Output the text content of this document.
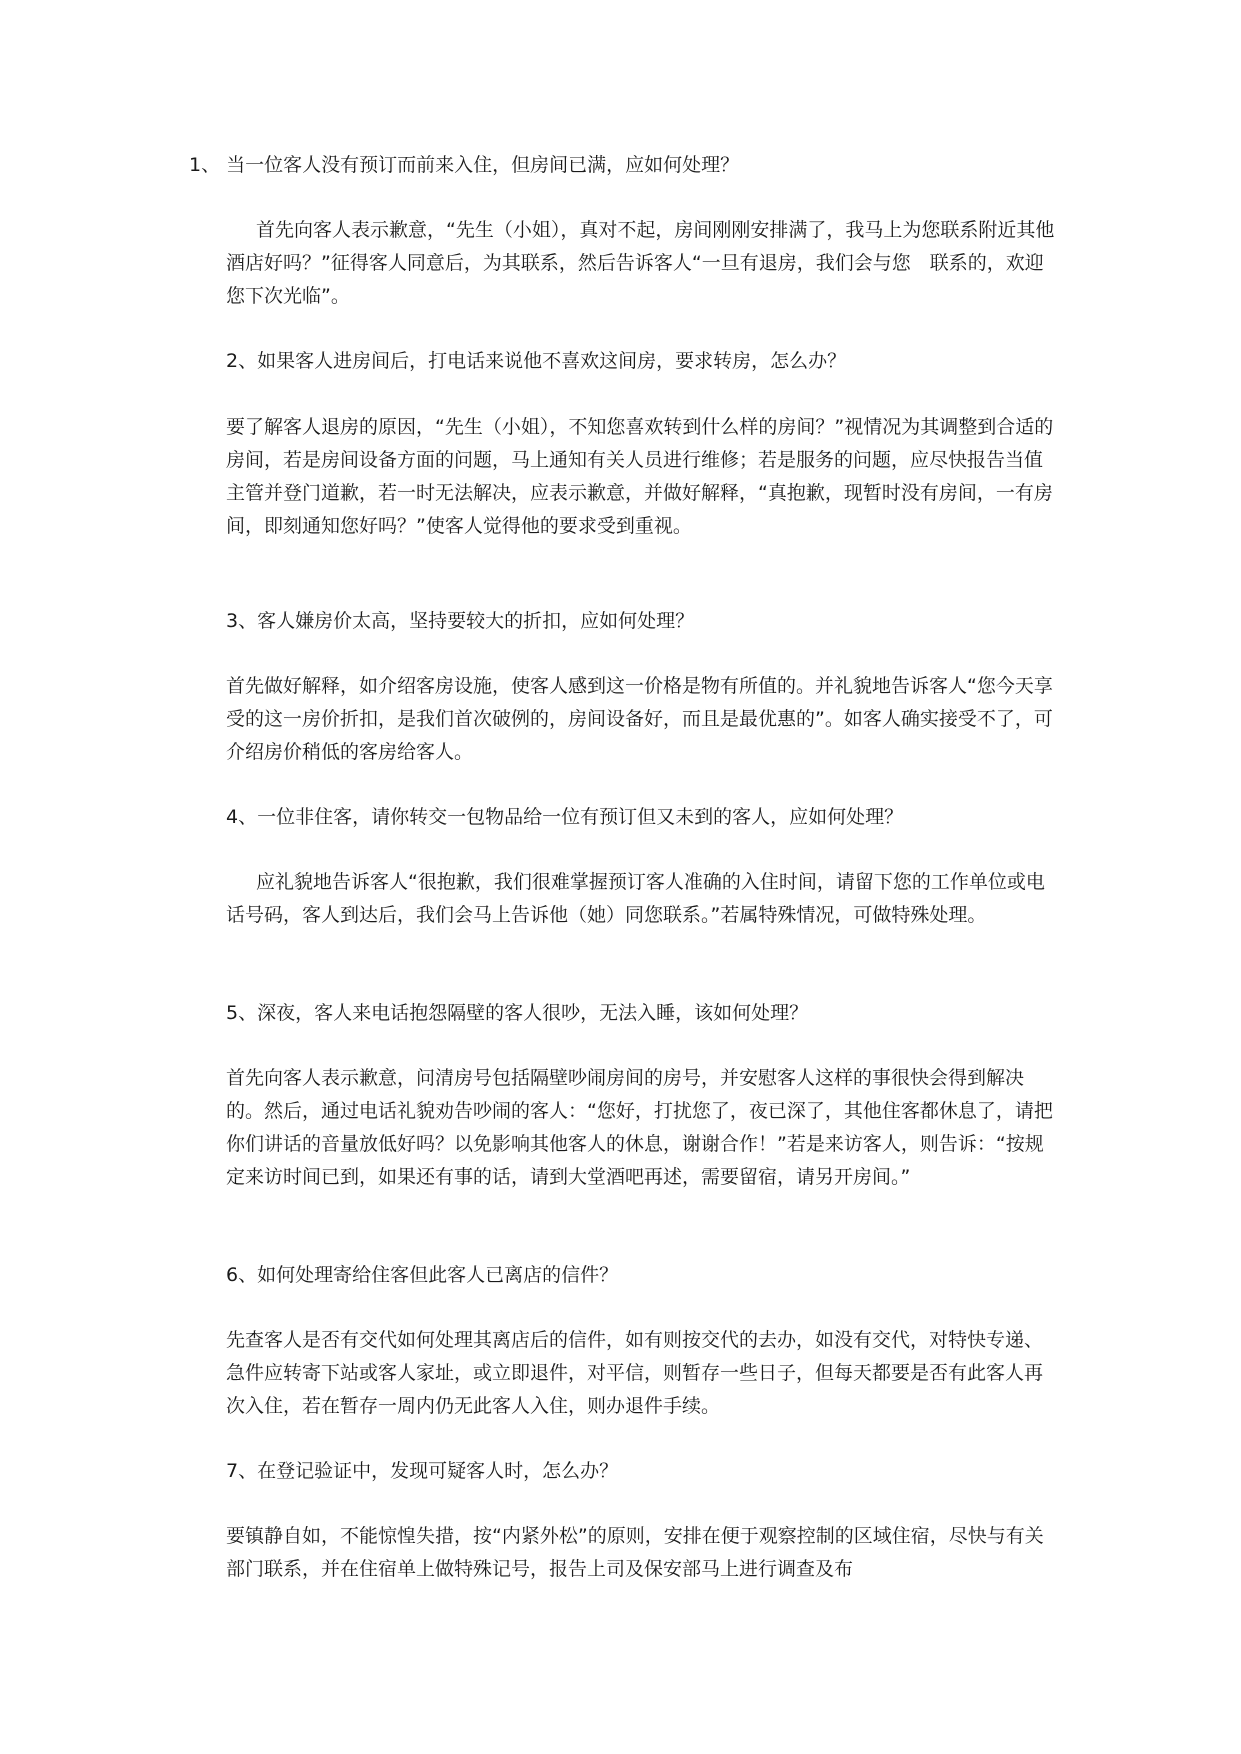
1、 当一位客人没有预订而前来入住，但房间已满，应如何处理？

首先向客人表示歉意，“先生（小姐），真对不起，房间刚刚安排满了，我马上为您联系附近其他酒店好吗？”征得客人同意后，为其联系，然后告诉客人“一旦有退房，我们会与您　联系的，欢迎您下次光临”。

2、如果客人进房间后，打电话来说他不喜欢这间房，要求转房，怎么办？

要了解客人退房的原因，“先生（小姐），不知您喜欢转到什么样的房间？”视情况为其调整到合适的房间，若是房间设备方面的问题，马上通知有关人员进行维修；若是服务的问题，应尽快报告当值主管并登门道歉，若一时无法解决，应表示歉意，并做好解释，“真抱歉，现暂时没有房间，一有房间，即刻通知您好吗？”使客人觉得他的要求受到重视。

3、客人嫌房价太高，坚持要较大的折扣，应如何处理？

首先做好解释，如介绍客房设施，使客人感到这一价格是物有所值的。并礼貌地告诉客人“您今天享受的这一房价折扣，是我们首次破例的，房间设备好，而且是最优惠的”。如客人确实接受不了，可介绍房价稍低的客房给客人。

4、一位非住客，请你转交一包物品给一位有预订但又未到的客人，应如何处理？

应礼貌地告诉客人“很抱歉，我们很难掌握预订客人准确的入住时间，请留下您的工作单位或电话号码，客人到达后，我们会马上告诉他（她）同您联系。”若属特殊情况，可做特殊处理。

5、深夜，客人来电话抱怨隔壁的客人很吵，无法入睡，该如何处理？

首先向客人表示歉意，问清房号包括隔壁吵闹房间的房号，并安慰客人这样的事很快会得到解决的。然后，通过电话礼貌劝告吵闹的客人：“您好，打扰您了，夜已深了，其他住客都休息了，请把你们讲话的音量放低好吗？以免影响其他客人的休息，谢谢合作！”若是来访客人，则告诉：“按规定来访时间已到，如果还有事的话，请到大堂酒吧再述，需要留宿，请另开房间。”

6、如何处理寄给住客但此客人已离店的信件？

先查客人是否有交代如何处理其离店后的信件，如有则按交代的去办，如没有交代，对特快专递、急件应转寄下站或客人家址，或立即退件，对平信，则暂存一些日子，但每天都要是否有此客人再次入住，若在暂存一周内仍无此客人入住，则办退件手续。

7、在登记验证中，发现可疑客人时，怎么办？

要镇静自如，不能惊惶失措，按“内紧外松”的原则，安排在便于观察控制的区域住宿，尽快与有关部门联系，并在住宿单上做特殊记号，报告上司及保安部马上进行调查及布
